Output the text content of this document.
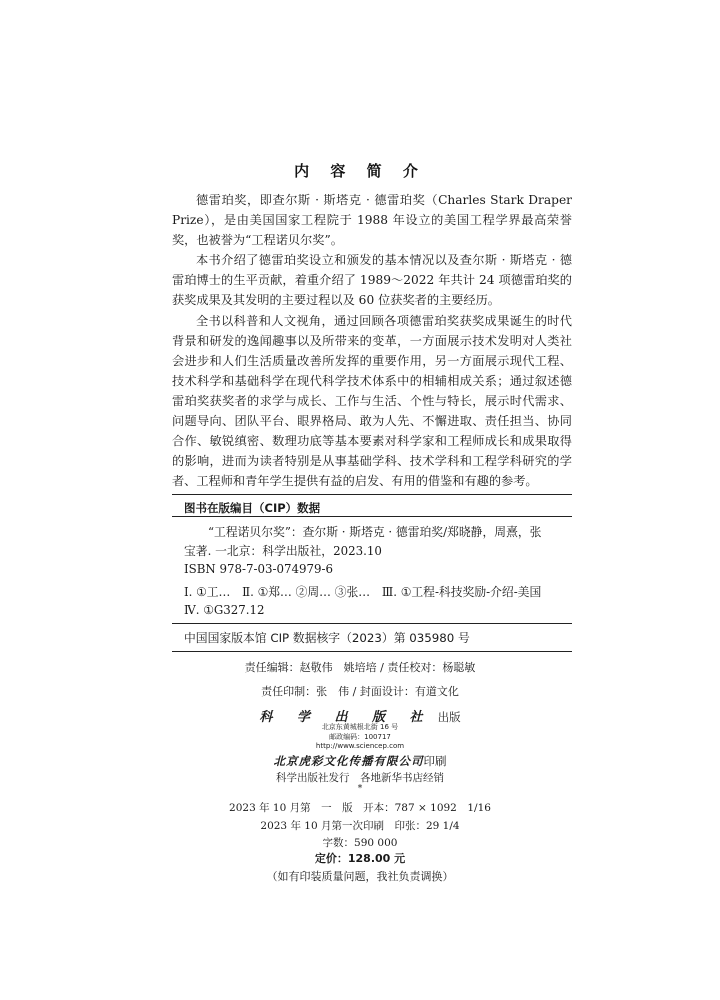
内 容 简 介

德雷珀奖，即查尔斯 · 斯塔克 · 德雷珀奖（Charles Stark Draper Prize），是由美国国家工程院于 1988 年设立的美国工程学界最高荣誉奖，也被誉为“工程诺贝尔奖”。

本书介绍了德雷珀奖设立和颁发的基本情况以及查尔斯 · 斯塔克 · 德雷珀博士的生平贡献，着重介绍了 1989～2022 年共计 24 项德雷珀奖的获奖成果及其发明的主要过程以及 60 位获奖者的主要经历。

全书以科普和人文视角，通过回顾各项德雷珀奖获奖成果诞生的时代背景和研发的逸闻趣事以及所带来的变革，一方面展示技术发明对人类社会进步和人们生活质量改善所发挥的重要作用，另一方面展示现代工程、技术科学和基础科学在现代科学技术体系中的相辅相成关系；通过叙述德雷珀奖获奖者的求学与成长、工作与生活、个性与特长，展示时代需求、问题导向、团队平台、眼界格局、敢为人先、不懈进取、责任担当、协同合作、敏锐缜密、数理功底等基本要素对科学家和工程师成长和成果取得的影响，进而为读者特别是从事基础学科、技术学科和工程学科研究的学者、工程师和青年学生提供有益的启发、有用的借鉴和有趣的参考。

图书在版编目（CIP）数据
“工程诺贝尔奖”：查尔斯 · 斯塔克 · 德雷珀奖/郑晓静，周熹，张
宝著. 一北京：科学出版社，2023.10
ISBN 978-7-03-074979-6
Ⅰ. ①工…　Ⅱ. ①郑… ②周… ③张…　Ⅲ. ①工程-科技奖励-介绍-美国
Ⅳ. ①G327.12
中国国家版本馆 CIP 数据核字（2023）第 035980 号
责任编辑：赵敬伟　姚培培 / 责任校对：杨聪敏
责任印制：张　伟 / 封面设计：有道文化
科 学 出 版 社 出版
北京东黄城根北街 16 号
邮政编码：100717
http://www.sciencep.com
北京虎彩文化传播有限公司印刷
科学出版社发行　各地新华书店经销
*
2023 年 10 月第　一　版　开本：787 × 1092　1/16
2023 年 10 月第一次印刷　印张：29 1/4
字数：590 000
定价：128.00 元
（如有印装质量问题，我社负责调换）
